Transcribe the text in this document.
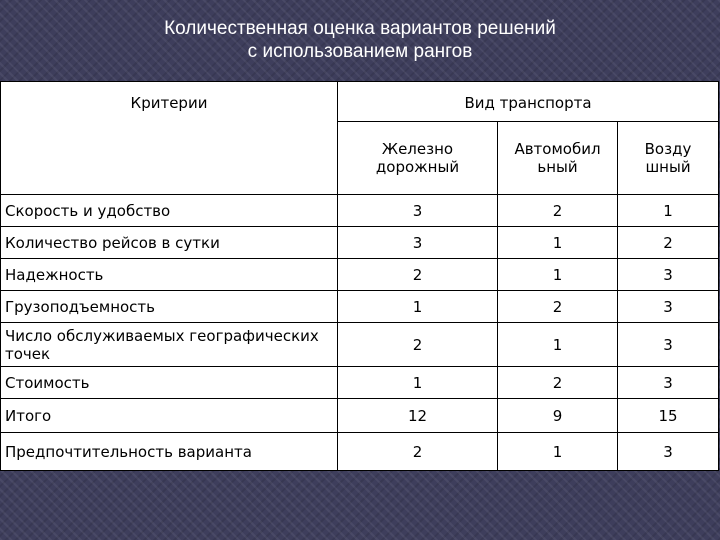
Количественная оценка вариантов решений
с использованием рангов
Критерии	Вид транспорта		
	Железно дорожный	Автомобил ьный	Возду шный
Скорость и удобство	3	2	1
Количество рейсов в сутки	3	1	2
Надежность	2	1	3
Грузоподъемность	1	2	3
Число обслуживаемых географических точек	2	1	3
Стоимость	1	2	3
Итого	12	9	15
Предпочтительность варианта	2	1	3
